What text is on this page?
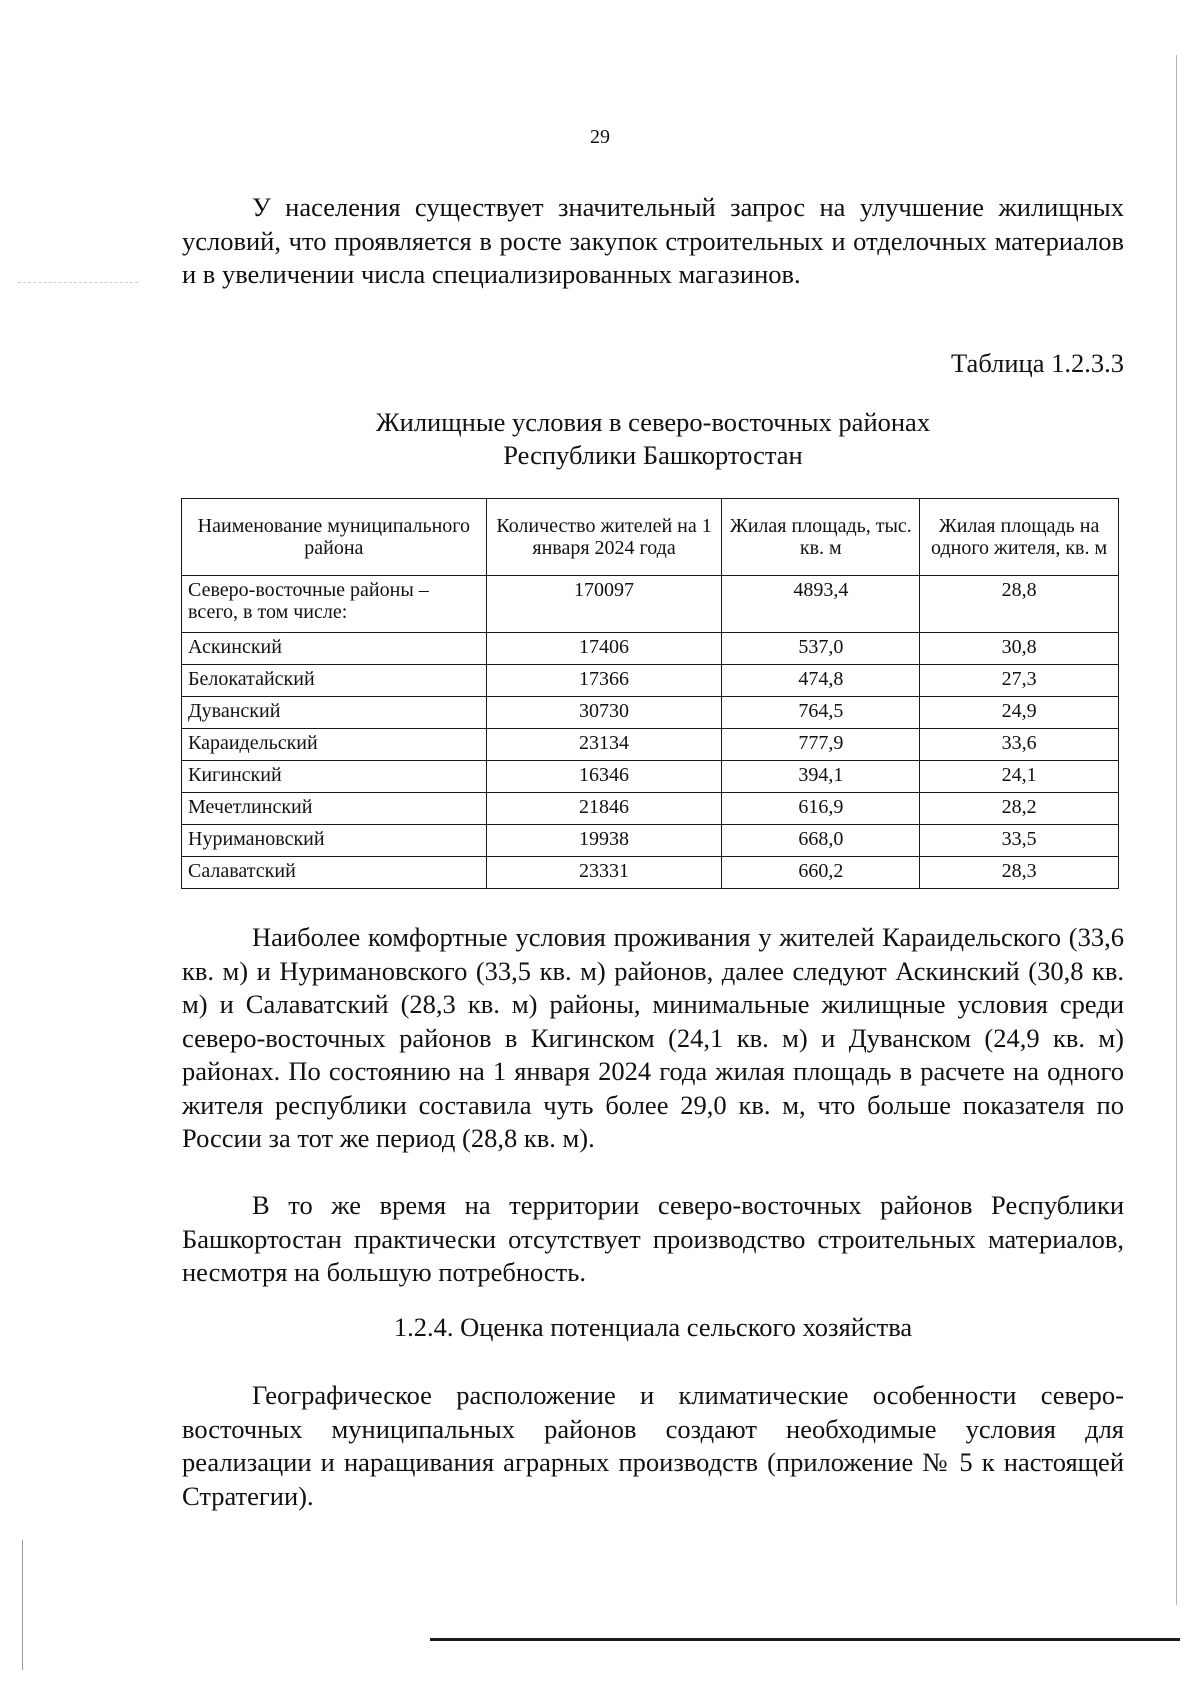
29

У населения существует значительный запрос на улучшение жилищных условий, что проявляется в росте закупок строительных и отделочных материалов и в увеличении числа специализированных магазинов.

Таблица 1.2.3.3
Жилищные условия в северо-восточных районах
Республики Башкортостан
Наименование муниципального района	Количество жителей на 1 января 2024 года	Жилая площадь, тыс. кв. м	Жилая площадь на одного жителя, кв. м
Северо-восточные районы – всего, в том числе:	170097	4893,4	28,8
Аскинский	17406	537,0	30,8
Белокатайский	17366	474,8	27,3
Дуванский	30730	764,5	24,9
Караидельский	23134	777,9	33,6
Кигинский	16346	394,1	24,1
Мечетлинский	21846	616,9	28,2
Нуримановский	19938	668,0	33,5
Салаватский	23331	660,2	28,3

Наиболее комфортные условия проживания у жителей Караидельского (33,6 кв. м) и Нуримановского (33,5 кв. м) районов, далее следуют Аскинский (30,8 кв. м) и Салаватский (28,3 кв. м) районы, минимальные жилищные условия среди северо-восточных районов в Кигинском (24,1 кв. м) и Дуванском (24,9 кв. м) районах. По состоянию на 1 января 2024 года жилая площадь в расчете на одного жителя республики составила чуть более 29,0 кв. м, что больше показателя по России за тот же период (28,8 кв. м).

В то же время на территории северо-восточных районов Республики Башкортостан практически отсутствует производство строительных материалов, несмотря на большую потребность.

1.2.4. Оценка потенциала сельского хозяйства

Географическое расположение и климатические особенности северо-восточных муниципальных районов создают необходимые условия для реализации и наращивания аграрных производств (приложение № 5 к настоящей Стратегии).
